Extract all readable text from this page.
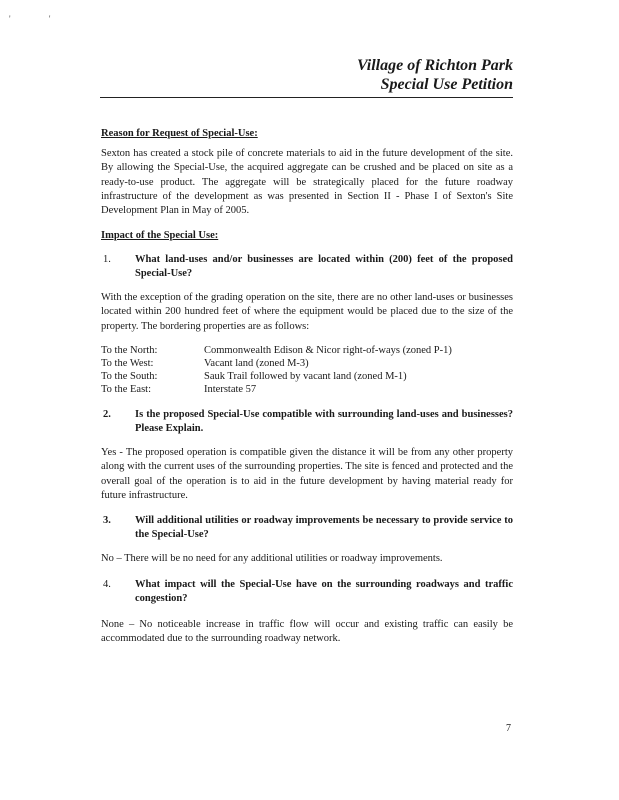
' '
Village of Richton Park
Special Use Petition
Reason for Request of Special-Use:
Sexton has created a stock pile of concrete materials to aid in the future development of the site. By allowing the Special-Use, the acquired aggregate can be crushed and be placed on site as a ready-to-use product. The aggregate will be strategically placed for the future roadway infrastructure of the development as was presented in Section II - Phase I of Sexton's Site Development Plan in May of 2005.
Impact of the Special Use:
1. What land-uses and/or businesses are located within (200) feet of the proposed Special-Use?
With the exception of the grading operation on the site, there are no other land-uses or businesses located within 200 hundred feet of where the equipment would be placed due to the size of the property. The bordering properties are as follows:
To the North:	Commonwealth Edison & Nicor right-of-ways (zoned P-1)
To the West:	Vacant land (zoned M-3)
To the South:	Sauk Trail followed by vacant land (zoned M-1)
To the East:	Interstate 57
2. Is the proposed Special-Use compatible with surrounding land-uses and businesses? Please Explain.
Yes - The proposed operation is compatible given the distance it will be from any other property along with the current uses of the surrounding properties. The site is fenced and protected and the overall goal of the operation is to aid in the future development by having material ready for future infrastructure.
3. Will additional utilities or roadway improvements be necessary to provide service to the Special-Use?
No – There will be no need for any additional utilities or roadway improvements.
4. What impact will the Special-Use have on the surrounding roadways and traffic congestion?
None – No noticeable increase in traffic flow will occur and existing traffic can easily be accommodated due to the surrounding roadway network.
7
